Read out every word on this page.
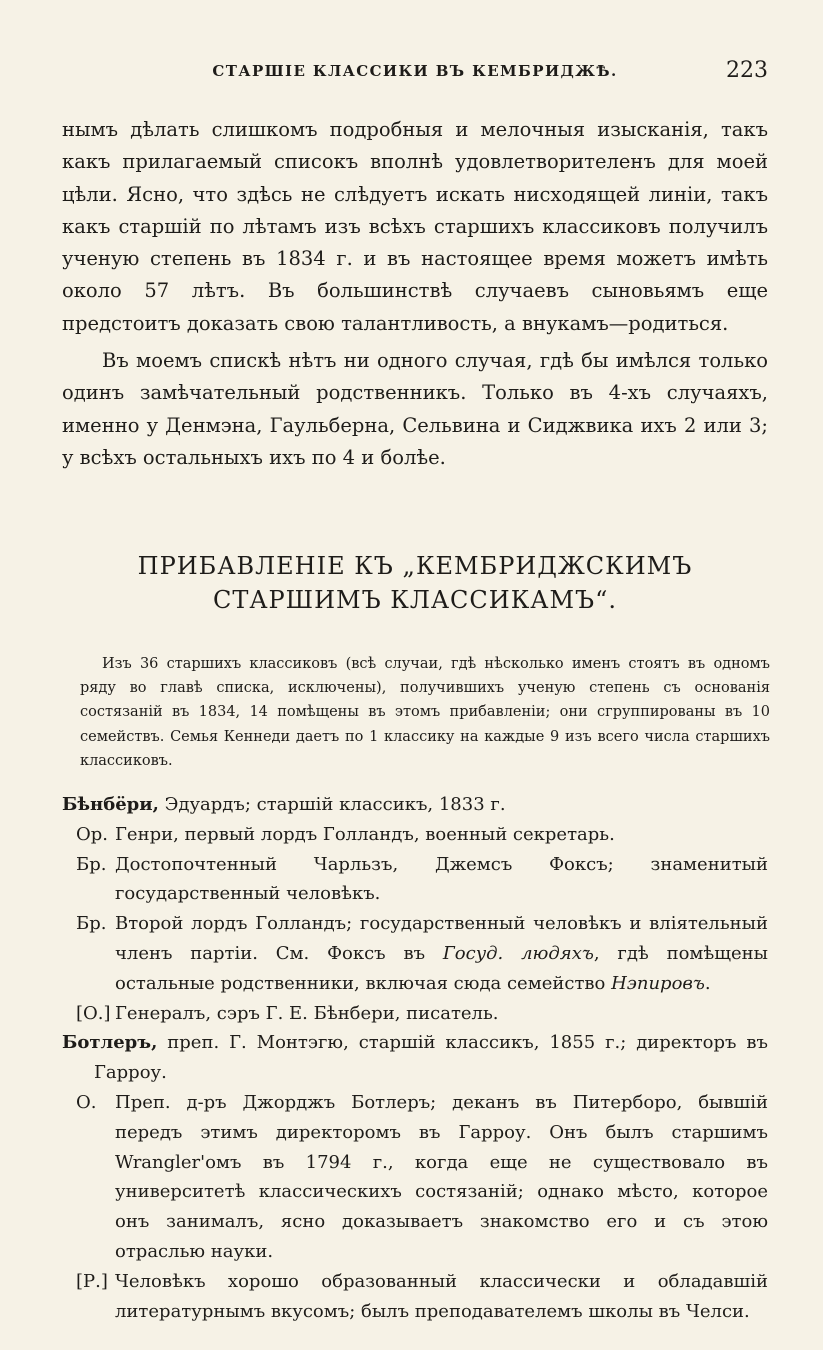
СТАРШІЕ КЛАССИКИ ВЪ КЕМБРИДЖѢ.	223
нымъ дѣлать слишкомъ подробныя и мелочныя изысканія, такъ какъ прилагаемый списокъ вполнѣ удовлетворителенъ для моей цѣли. Ясно, что здѣсь не слѣдуетъ искать нисходящей линіи, такъ какъ старшій по лѣтамъ изъ всѣхъ старшихъ классиковъ получилъ ученую степень въ 1834 г. и въ настоящее время можетъ имѣть около 57 лѣтъ. Въ большинствѣ случаевъ сыновьямъ еще предстоитъ доказать свою талантливость, а внукамъ—родиться.
Въ моемъ спискѣ нѣтъ ни одного случая, гдѣ бы имѣлся только одинъ замѣчательный родственникъ. Только въ 4-хъ случаяхъ, именно у Денмэна, Гаульберна, Сельвина и Сиджвика ихъ 2 или 3; у всѣхъ остальныхъ ихъ по 4 и болѣе.
ПРИБАВЛЕНІЕ КЪ „КЕМБРИДЖСКИМЪ СТАРШИМЪ КЛАССИКАМЪ“.
Изъ 36 старшихъ классиковъ (всѣ случаи, гдѣ нѣсколько именъ стоятъ въ одномъ ряду во главѣ списка, исключены), получившихъ ученую степень съ основанія состязаній въ 1834, 14 помѣщены въ этомъ прибавленіи; они сгруппированы въ 10 семействъ. Семья Кеннеди даетъ по 1 классику на каждые 9 изъ всего числа старшихъ классиковъ.
Бѣнбёри, Эдуардъ; старшій классикъ, 1833 г.
Ор. Генри, первый лордъ Голландъ, военный секретарь.
Бр. Достопочтенный Чарльзъ, Джемсъ Фоксъ; знаменитый государственный человѣкъ.
Бр. Второй лордъ Голландъ; государственный человѣкъ и вліятельный членъ партіи. См. Фоксъ въ Госуд. людяхъ, гдѣ помѣщены остальные родственники, включая сюда семейство Нэпировъ.
[О.] Генералъ, сэръ Г. Е. Бѣнбери, писатель.
Ботлеръ, преп. Г. Монтэгю, старшій классикъ, 1855 г.; директоръ въ Гарроу.
О.	Преп. д-ръ Джорджъ Ботлеръ; деканъ въ Питерборо, бывшій передъ этимъ директоромъ въ Гарроу. Онъ былъ старшимъ Wrangler'омъ въ 1794 г., когда еще не существовало въ университетѣ классическихъ состязаній; однако мѣсто, которое онъ занималъ, ясно доказываетъ знакомство его и съ этою отраслью науки.
[Р.] Человѣкъ хорошо образованный классически и обладавшій литературнымъ вкусомъ; былъ преподавателемъ школы въ Челси.
